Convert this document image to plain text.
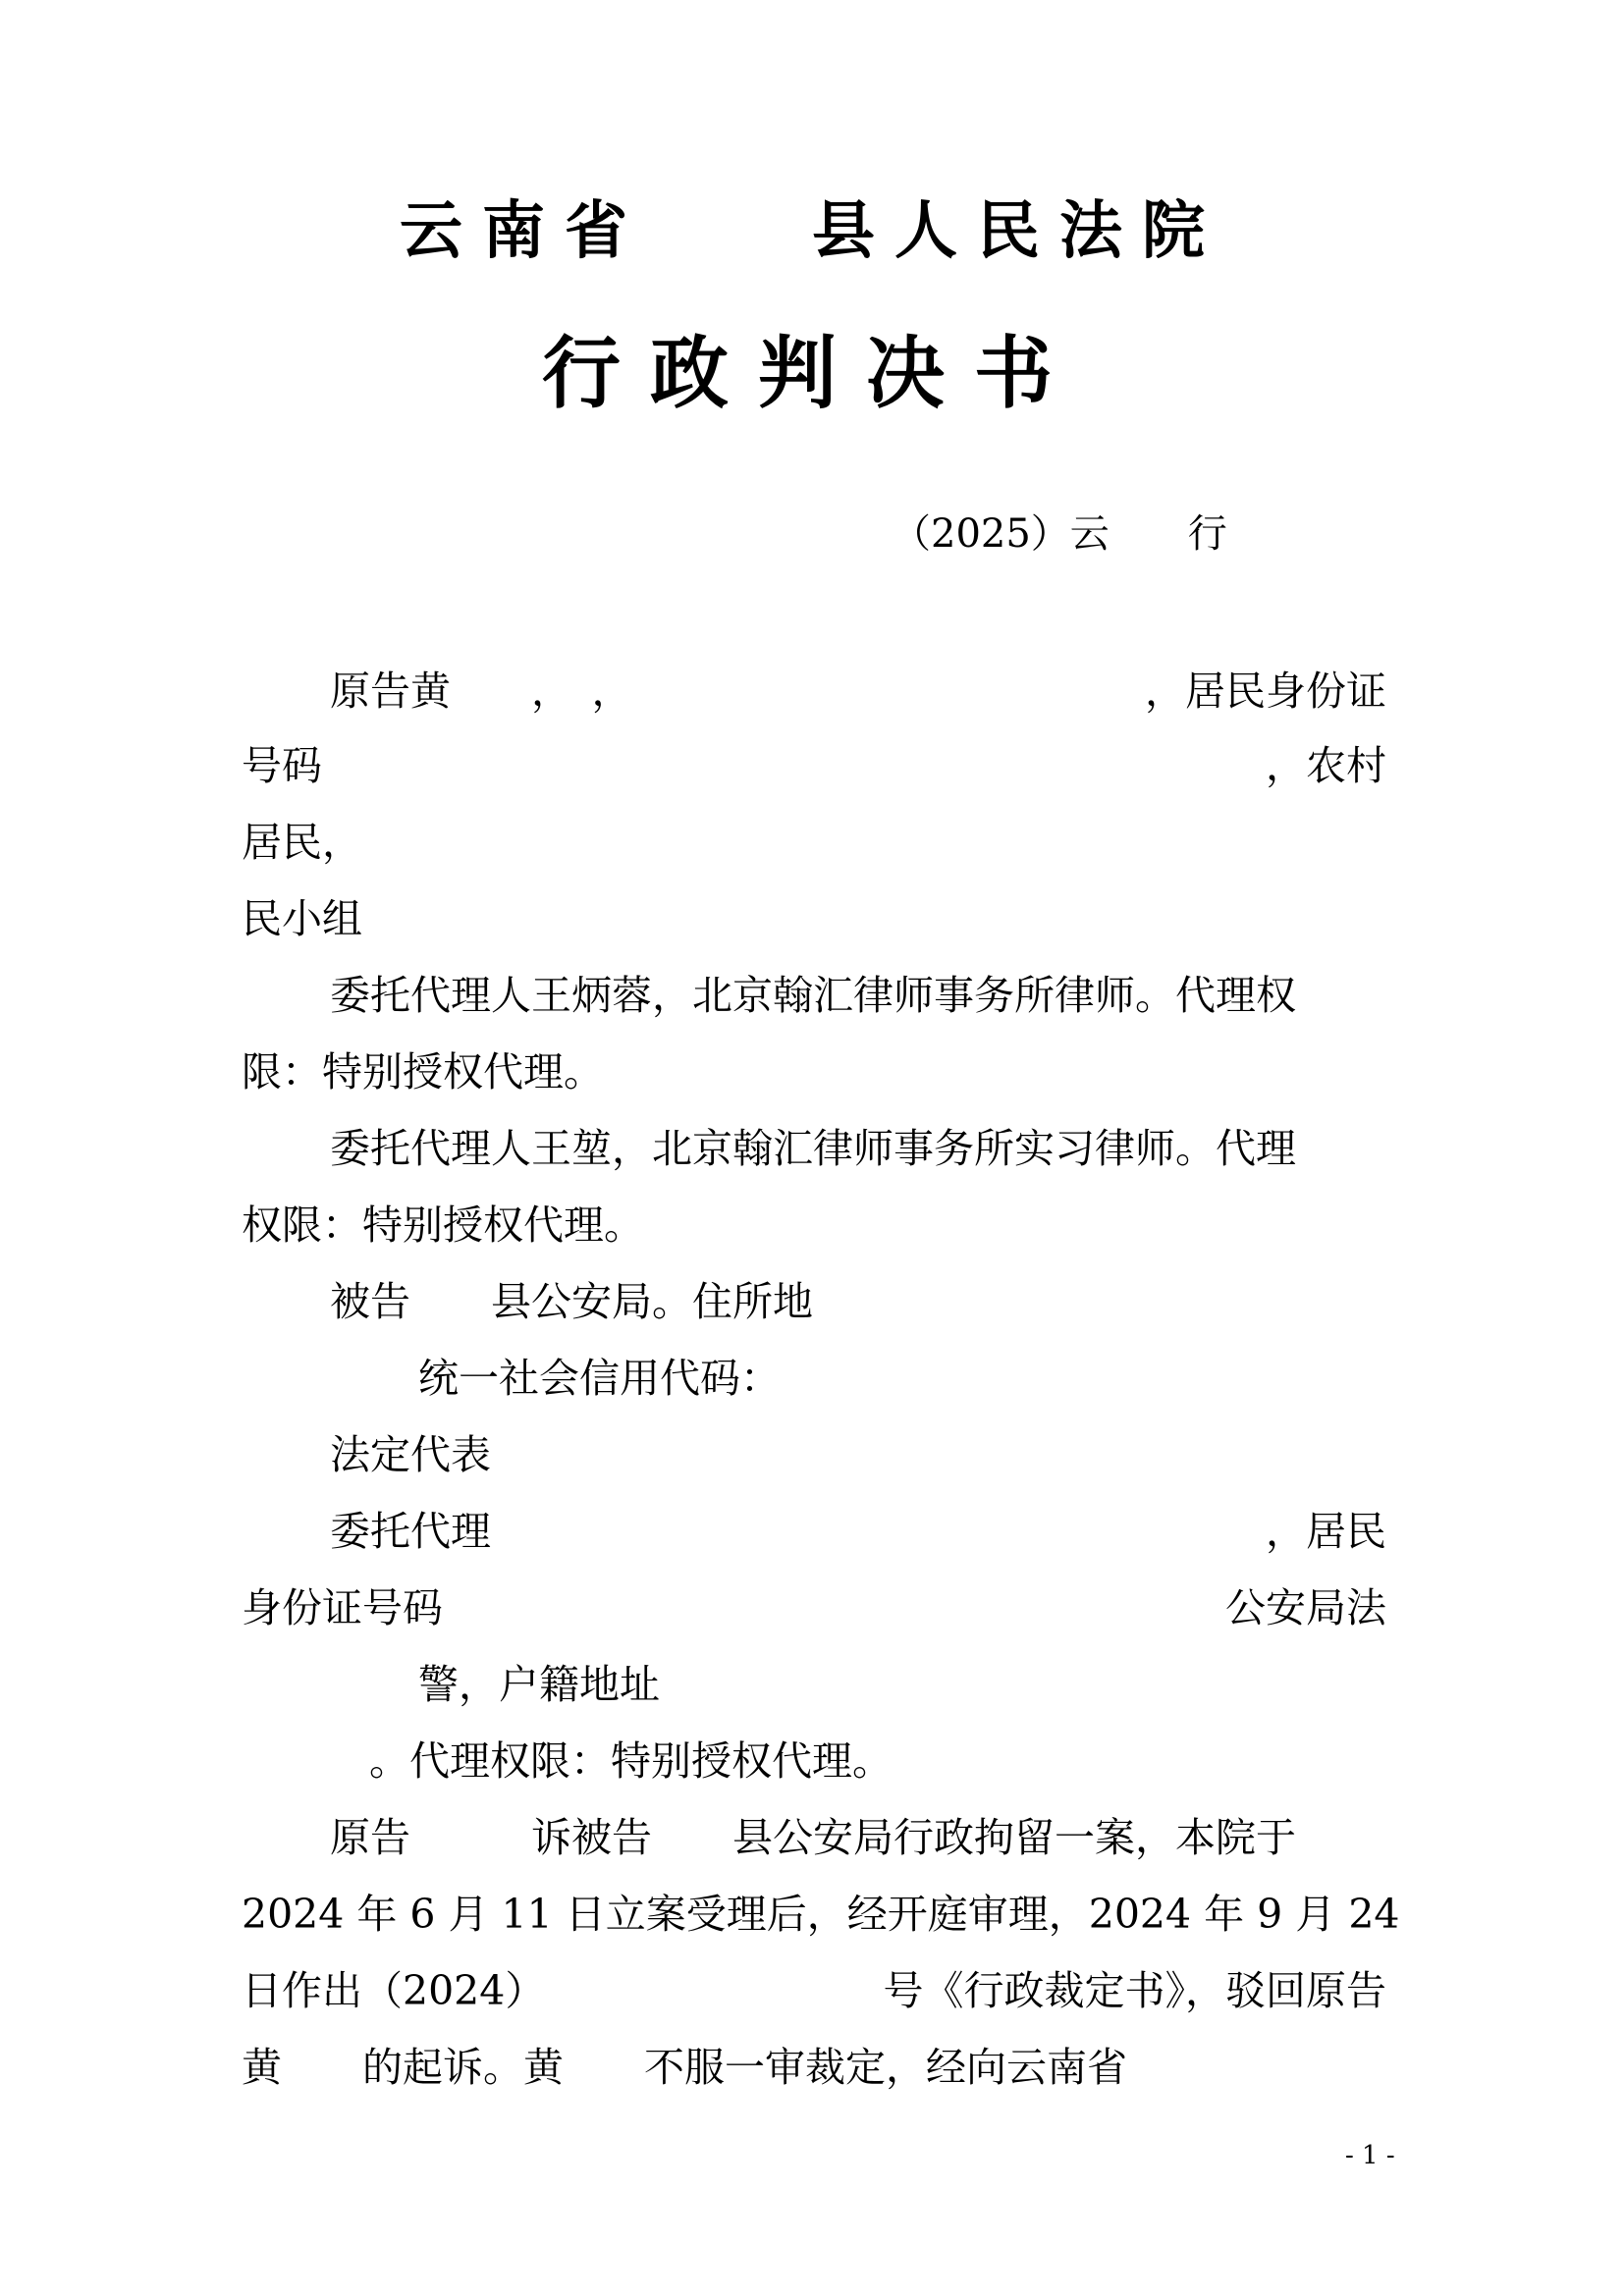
云南省　　县人民法院
行政判决书
（2025）云　　行
原告黄　　，　，	，居民身份证
号码	，农村
居民，
民小组
委托代理人王炳蓉，北京翰汇律师事务所律师。代理权
限：特别授权代理。
委托代理人王堃，北京翰汇律师事务所实习律师。代理
权限：特别授权代理。
被告　　县公安局。住所地
统一社会信用代码：
法定代表
委托代理	，居民
身份证号码	公安局法
警，户籍地址
。代理权限：特别授权代理。
原告　　　诉被告　　县公安局行政拘留一案，本院于
2024 年 6 月 11 日立案受理后，经开庭审理，2024 年 9 月 24
日作出（2024）	号《行政裁定书》，驳回原告
黄　　的起诉。黄　　不服一审裁定，经向云南省
- 1 -
